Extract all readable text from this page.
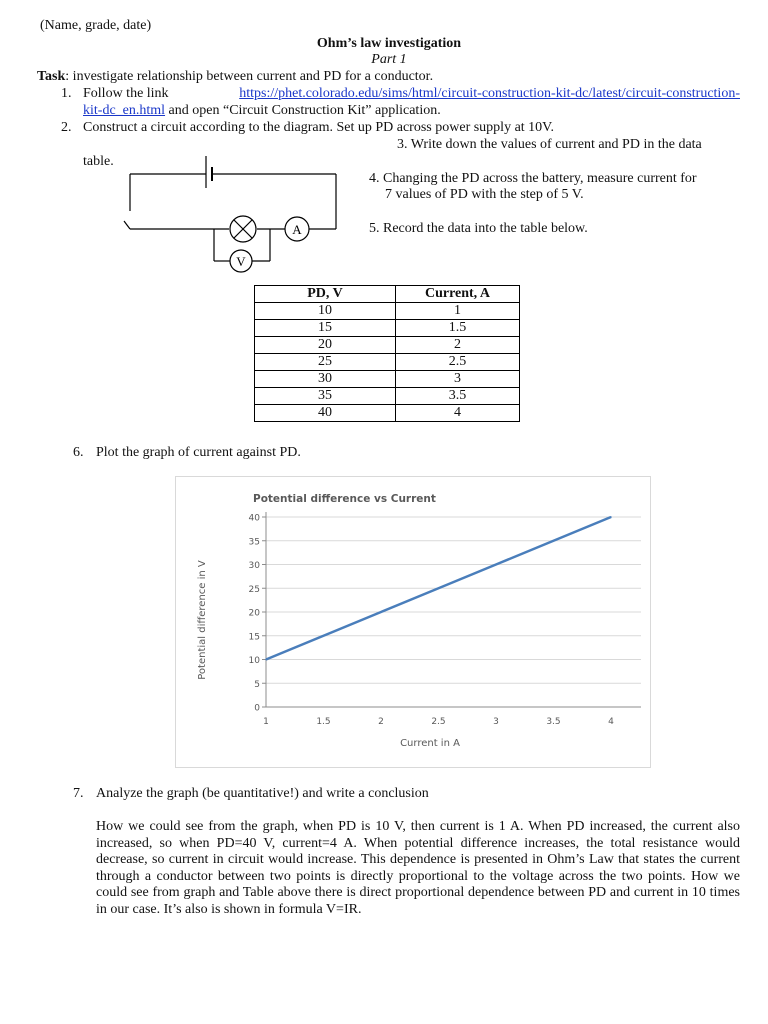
(Name, grade, date)
Ohm’s law investigation
Part 1
Task: investigate relationship between current and PD for a conductor.
1. Follow the link	https://phet.colorado.edu/sims/html/circuit-construction-kit-dc/latest/circuit-construction-
kit-dc_en.html and open “Circuit Construction Kit” application.
2. Construct a circuit according to the diagram. Set up PD across power supply at 10V.
3. Write down the values of current and PD in the data
table.
A
V
4. Changing the PD across the battery, measure current for
7 values of PD with the step of 5 V.
5. Record the data into the table below.
PD, V	Current, A
10	1
15	1.5
20	2
25	2.5
30	3
35	3.5
40	4
6. Plot the graph of current against PD.
Potential difference vs Current
0
5
10
15
20
25
30
35
40
1	1.5	2	2.5	3	3.5	4
Current in A
Potential difference in V
7. Analyze the graph (be quantitative!) and write a conclusion
How we could see from the graph, when PD is 10 V, then current is 1 A. When PD increased, the current also increased, so when PD=40 V, current=4 A. When potential difference increases, the total resistance would decrease, so current in circuit would increase. This dependence is presented in Ohm’s Law that states the current through a conductor between two points is directly proportional to the voltage across the two points. How we could see from graph and Table above there is direct proportional dependence between PD and current in 10 times in our case. It’s also is shown in formula V=IR.
